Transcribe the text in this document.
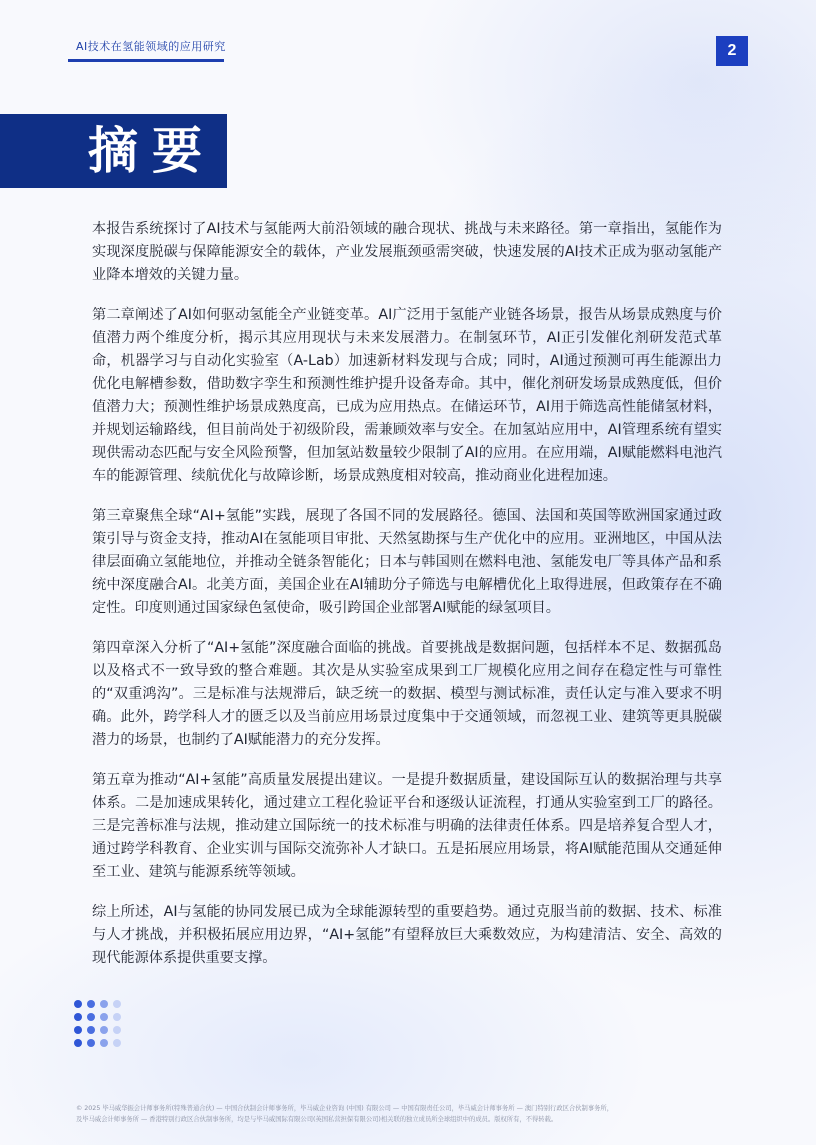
AI技术在氢能领域的应用研究	2
摘要

本报告系统探讨了AI技术与氢能两大前沿领域的融合现状、挑战与未来路径。第一章指出，氢能作为实现深度脱碳与保障能源安全的载体，产业发展瓶颈亟需突破，快速发展的AI技术正成为驱动氢能产业降本增效的关键力量。

第二章阐述了AI如何驱动氢能全产业链变革。AI广泛用于氢能产业链各场景，报告从场景成熟度与价值潜力两个维度分析，揭示其应用现状与未来发展潜力。在制氢环节，AI正引发催化剂研发范式革命，机器学习与自动化实验室（A-Lab）加速新材料发现与合成；同时，AI通过预测可再生能源出力优化电解槽参数，借助数字孪生和预测性维护提升设备寿命。其中，催化剂研发场景成熟度低，但价值潜力大；预测性维护场景成熟度高，已成为应用热点。在储运环节，AI用于筛选高性能储氢材料，并规划运输路线，但目前尚处于初级阶段，需兼顾效率与安全。在加氢站应用中，AI管理系统有望实现供需动态匹配与安全风险预警，但加氢站数量较少限制了AI的应用。在应用端，AI赋能燃料电池汽车的能源管理、续航优化与故障诊断，场景成熟度相对较高，推动商业化进程加速。

第三章聚焦全球“AI+氢能”实践，展现了各国不同的发展路径。德国、法国和英国等欧洲国家通过政策引导与资金支持，推动AI在氢能项目审批、天然氢勘探与生产优化中的应用。亚洲地区，中国从法律层面确立氢能地位，并推动全链条智能化；日本与韩国则在燃料电池、氢能发电厂等具体产品和系统中深度融合AI。北美方面，美国企业在AI辅助分子筛选与电解槽优化上取得进展，但政策存在不确定性。印度则通过国家绿色氢使命，吸引跨国企业部署AI赋能的绿氢项目。

第四章深入分析了“AI+氢能”深度融合面临的挑战。首要挑战是数据问题，包括样本不足、数据孤岛以及格式不一致导致的整合难题。其次是从实验室成果到工厂规模化应用之间存在稳定性与可靠性的“双重鸿沟”。三是标准与法规滞后，缺乏统一的数据、模型与测试标准，责任认定与准入要求不明确。此外，跨学科人才的匮乏以及当前应用场景过度集中于交通领域，而忽视工业、建筑等更具脱碳潜力的场景，也制约了AI赋能潜力的充分发挥。

第五章为推动“AI+氢能”高质量发展提出建议。一是提升数据质量，建设国际互认的数据治理与共享体系。二是加速成果转化，通过建立工程化验证平台和逐级认证流程，打通从实验室到工厂的路径。三是完善标准与法规，推动建立国际统一的技术标准与明确的法律责任体系。四是培养复合型人才，通过跨学科教育、企业实训与国际交流弥补人才缺口。五是拓展应用场景，将AI赋能范围从交通延伸至工业、建筑与能源系统等领域。

综上所述，AI与氢能的协同发展已成为全球能源转型的重要趋势。通过克服当前的数据、技术、标准与人才挑战，并积极拓展应用边界，“AI+氢能”有望释放巨大乘数效应，为构建清洁、安全、高效的现代能源体系提供重要支撑。

© 2025 毕马威华振会计师事务所(特殊普通合伙) — 中国合伙制会计师事务所，毕马威企业咨询 (中国) 有限公司 — 中国有限责任公司，毕马威会计师事务所 — 澳门特别行政区合伙制事务所，
及毕马威会计师事务所 — 香港特别行政区合伙制事务所，均是与毕马威国际有限公司(英国私营担保有限公司)相关联的独立成员所全球组织中的成员。版权所有，不得转载。
